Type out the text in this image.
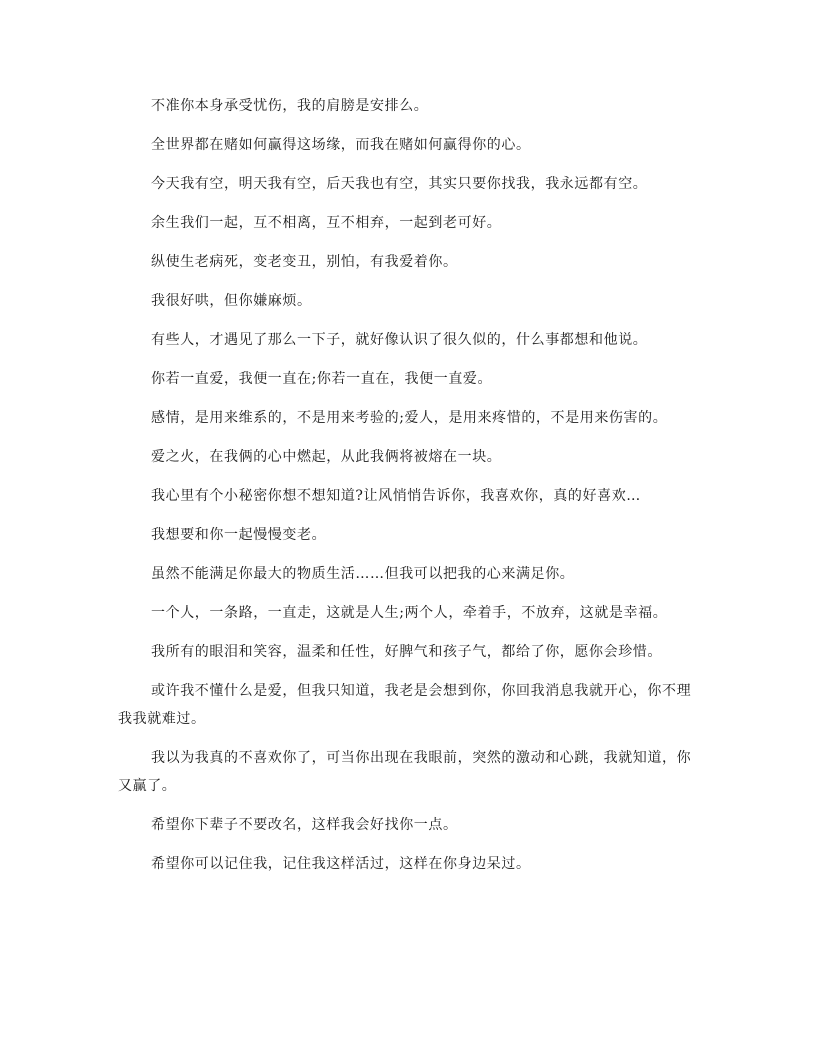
不准你本身承受忧伤，我的肩膀是安排么。

全世界都在赌如何赢得这场缘，而我在赌如何赢得你的心。

今天我有空，明天我有空，后天我也有空，其实只要你找我，我永远都有空。

余生我们一起，互不相离，互不相弃，一起到老可好。

纵使生老病死，变老变丑，别怕，有我爱着你。

我很好哄，但你嫌麻烦。

有些人，才遇见了那么一下子，就好像认识了很久似的，什么事都想和他说。

你若一直爱，我便一直在;你若一直在，我便一直爱。

感情，是用来维系的，不是用来考验的;爱人，是用来疼惜的，不是用来伤害的。

爱之火，在我俩的心中燃起，从此我俩将被熔在一块。

我心里有个小秘密你想不想知道?让风悄悄告诉你，我喜欢你，真的好喜欢…

我想要和你一起慢慢变老。

虽然不能满足你最大的物质生活……但我可以把我的心来满足你。

一个人，一条路，一直走，这就是人生;两个人，牵着手，不放弃，这就是幸福。

我所有的眼泪和笑容，温柔和任性，好脾气和孩子气，都给了你，愿你会珍惜。

或许我不懂什么是爱，但我只知道，我老是会想到你，你回我消息我就开心，你不理我我就难过。

我以为我真的不喜欢你了，可当你出现在我眼前，突然的激动和心跳，我就知道，你又赢了。

希望你下辈子不要改名，这样我会好找你一点。

希望你可以记住我，记住我这样活过，这样在你身边呆过。
